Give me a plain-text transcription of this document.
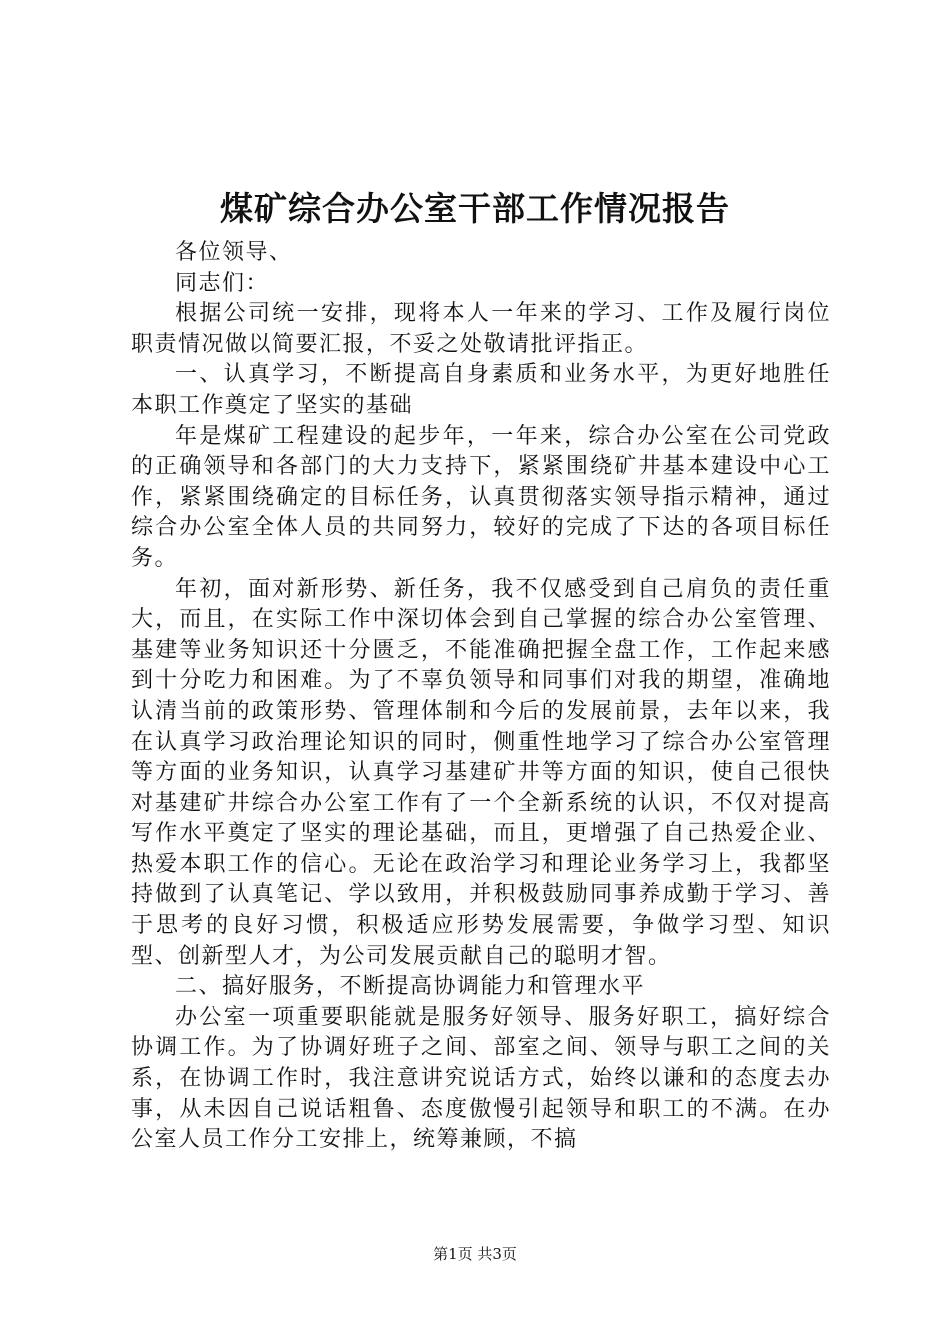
煤矿综合办公室干部工作情况报告

各位领导、

同志们：

根据公司统一安排，现将本人一年来的学习、工作及履行岗位职责情况做以简要汇报，不妥之处敬请批评指正。

一、认真学习，不断提高自身素质和业务水平，为更好地胜任本职工作奠定了坚实的基础

年是煤矿工程建设的起步年，一年来，综合办公室在公司党政的正确领导和各部门的大力支持下，紧紧围绕矿井基本建设中心工作，紧紧围绕确定的目标任务，认真贯彻落实领导指示精神，通过综合办公室全体人员的共同努力，较好的完成了下达的各项目标任务。

年初，面对新形势、新任务，我不仅感受到自己肩负的责任重大，而且，在实际工作中深切体会到自己掌握的综合办公室管理、基建等业务知识还十分匮乏，不能准确把握全盘工作，工作起来感到十分吃力和困难。为了不辜负领导和同事们对我的期望，准确地认清当前的政策形势、管理体制和今后的发展前景，去年以来，我在认真学习政治理论知识的同时，侧重性地学习了综合办公室管理等方面的业务知识，认真学习基建矿井等方面的知识，使自己很快对基建矿井综合办公室工作有了一个全新系统的认识，不仅对提高写作水平奠定了坚实的理论基础，而且，更增强了自己热爱企业、热爱本职工作的信心。无论在政治学习和理论业务学习上，我都坚持做到了认真笔记、学以致用，并积极鼓励同事养成勤于学习、善于思考的良好习惯，积极适应形势发展需要，争做学习型、知识型、创新型人才，为公司发展贡献自己的聪明才智。

二、搞好服务，不断提高协调能力和管理水平

办公室一项重要职能就是服务好领导、服务好职工，搞好综合协调工作。为了协调好班子之间、部室之间、领导与职工之间的关系，在协调工作时，我注意讲究说话方式，始终以谦和的态度去办事，从未因自己说话粗鲁、态度傲慢引起领导和职工的不满。在办公室人员工作分工安排上，统筹兼顾，不搞

第1页 共3页
